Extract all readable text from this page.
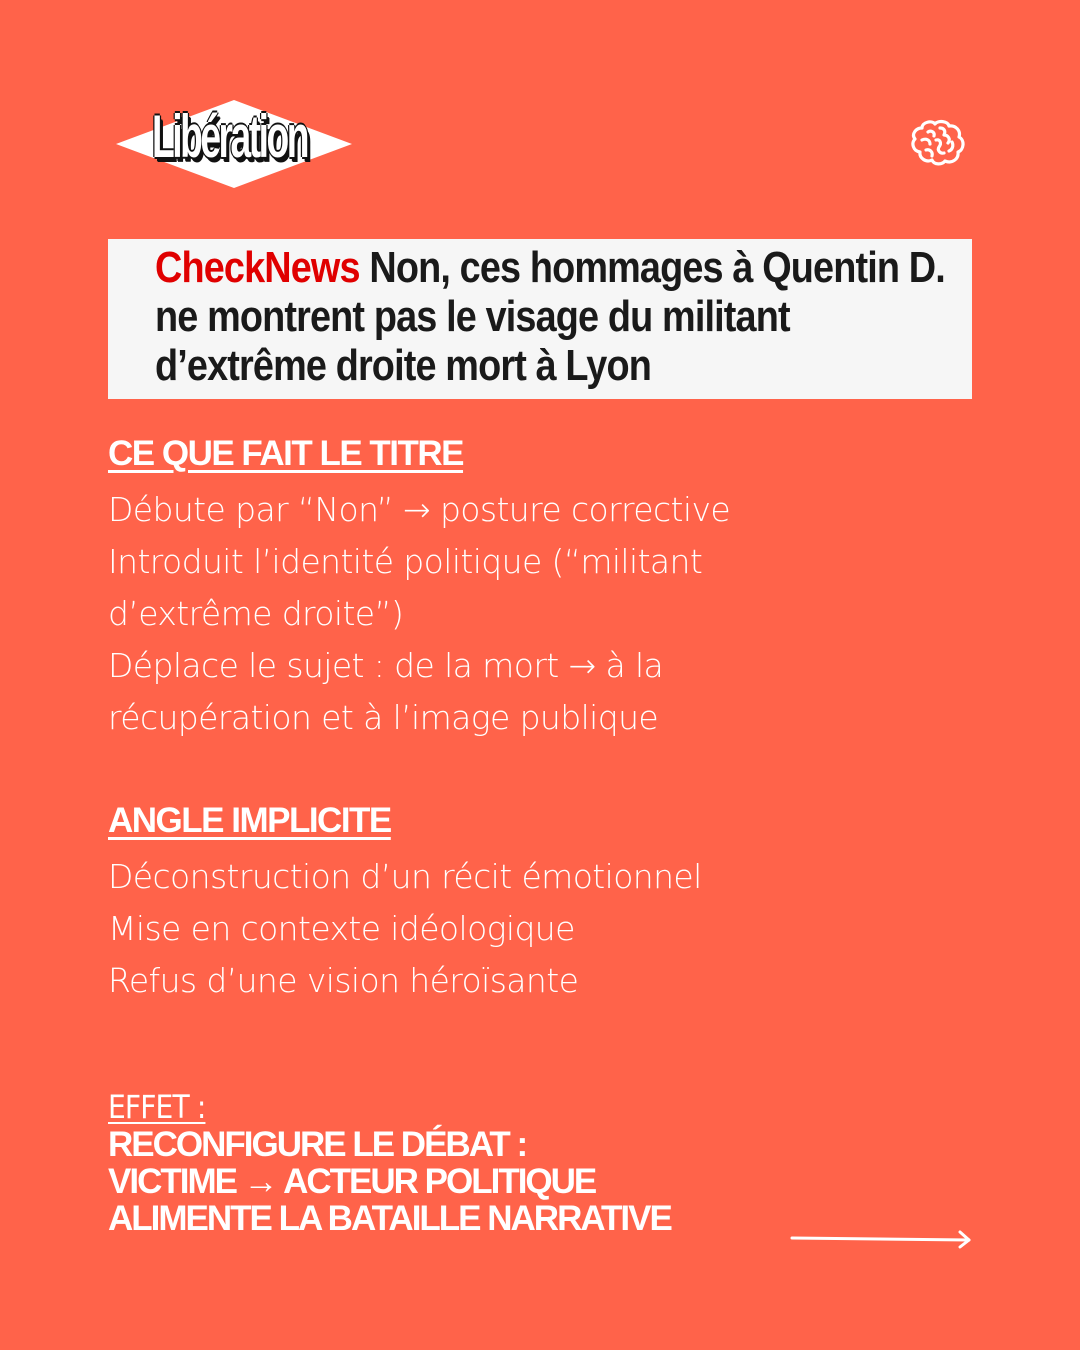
Libération
CheckNews Non, ces hommages à Quentin D. ne montrent pas le visage du militant d’extrême droite mort à Lyon
CE QUE FAIT LE TITRE
Débute par “Non” → posture corrective
Introduit l’identité politique (“militant
d’extrême droite”)
Déplace le sujet : de la mort → à la
récupération et à l’image publique
ANGLE IMPLICITE
Déconstruction d’un récit émotionnel
Mise en contexte idéologique
Refus d’une vision héroïsante
EFFET :
RECONFIGURE LE DÉBAT :
VICTIME → ACTEUR POLITIQUE
ALIMENTE LA BATAILLE NARRATIVE
